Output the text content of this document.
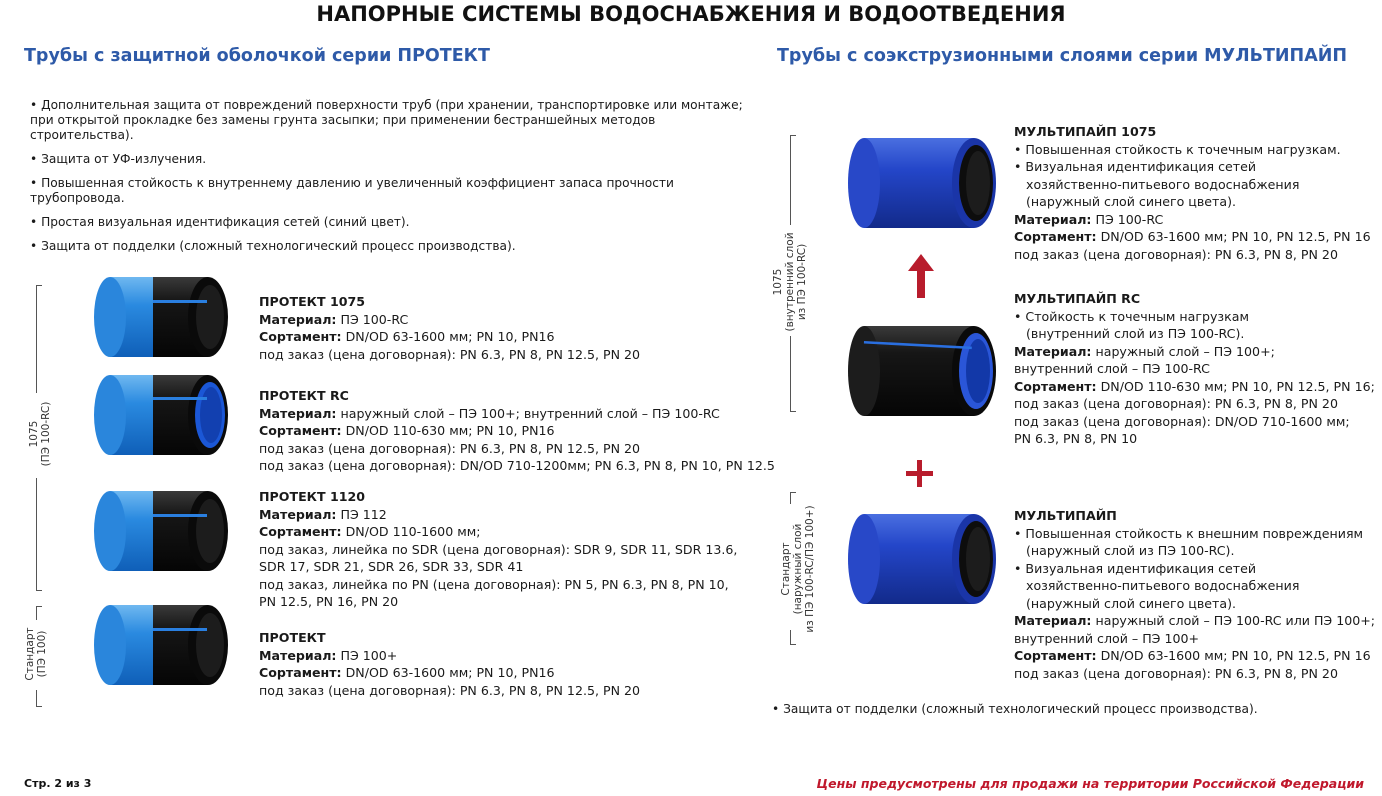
НАПОРНЫЕ СИСТЕМЫ ВОДОСНАБЖЕНИЯ И ВОДООТВЕДЕНИЯ
Трубы с защитной оболочкой серии ПРОТЕКТ
• Дополнительная защита от повреждений поверхности труб (при хранении, транспортировке или монтаже;
при открытой прокладке без замены грунта засыпки; при применении бестраншейных методов строительства).
• Защита от УФ-излучения.
• Повышенная стойкость к внутреннему давлению и увеличенный коэффициент запаса прочности трубопровода.
• Простая визуальная идентификация сетей (синий цвет).
• Защита от подделки (сложный технологический процесс производства).
1075 (ПЭ 100-RC)
Стандарт (ПЭ 100)
ПРОТЕКТ 1075
Материал: ПЭ 100-RC
Сортамент: DN/OD 63-1600 мм; PN 10, PN16
под заказ (цена договорная): PN 6.3, PN 8, PN 12.5, PN 20
ПРОТЕКТ RC
Материал: наружный слой – ПЭ 100+; внутренний слой – ПЭ 100-RC
Сортамент: DN/OD 110-630 мм; PN 10, PN16
под заказ (цена договорная): PN 6.3, PN 8, PN 12.5, PN 20
под заказ (цена договорная): DN/OD 710-1200мм; PN 6.3, PN 8, PN 10, PN 12.5
ПРОТЕКТ 1120
Материал: ПЭ 112
Сортамент: DN/OD 110-1600 мм;
под заказ, линейка по SDR (цена договорная): SDR 9, SDR 11, SDR 13.6,
SDR 17, SDR 21, SDR 26, SDR 33, SDR 41
под заказ, линейка по PN (цена договорная): PN 5, PN 6.3, PN 8, PN 10,
PN 12.5, PN 16, PN 20
ПРОТЕКТ
Материал: ПЭ 100+
Сортамент: DN/OD 63-1600 мм; PN 10, PN16
под заказ (цена договорная): PN 6.3, PN 8, PN 12.5, PN 20
Трубы с соэкструзионными слоями серии МУЛЬТИПАЙП
1075 (внутренний слой из ПЭ 100-RC)
Стандарт (наружный слой из ПЭ 100-RC/ПЭ 100+)
МУЛЬТИПАЙП 1075
• Повышенная стойкость к точечным нагрузкам.
• Визуальная идентификация сетей
хозяйственно-питьевого водоснабжения
(наружный слой синего цвета).
Материал: ПЭ 100-RC
Сортамент: DN/OD 63-1600 мм; PN 10, PN 12.5, PN 16
под заказ (цена договорная): PN 6.3, PN 8, PN 20
МУЛЬТИПАЙП RC
• Стойкость к точечным нагрузкам
(внутренний слой из ПЭ 100-RC).
Материал: наружный слой – ПЭ 100+;
внутренний слой – ПЭ 100-RC
Сортамент: DN/OD 110-630 мм; PN 10, PN 12.5, PN 16;
под заказ (цена договорная): PN 6.3, PN 8, PN 20
под заказ (цена договорная): DN/OD 710-1600 мм;
PN 6.3, PN 8, PN 10
МУЛЬТИПАЙП
• Повышенная стойкость к внешним повреждениям
(наружный слой из ПЭ 100-RC).
• Визуальная идентификация сетей
хозяйственно-питьевого водоснабжения
(наружный слой синего цвета).
Материал: наружный слой – ПЭ 100-RC или ПЭ 100+;
внутренний слой – ПЭ 100+
Сортамент: DN/OD 63-1600 мм; PN 10, PN 12.5, PN 16
под заказ (цена договорная): PN 6.3, PN 8, PN 20
• Защита от подделки (сложный технологический процесс производства).
Стр. 2 из 3	Цены предусмотрены для продажи на территории Российской Федерации
